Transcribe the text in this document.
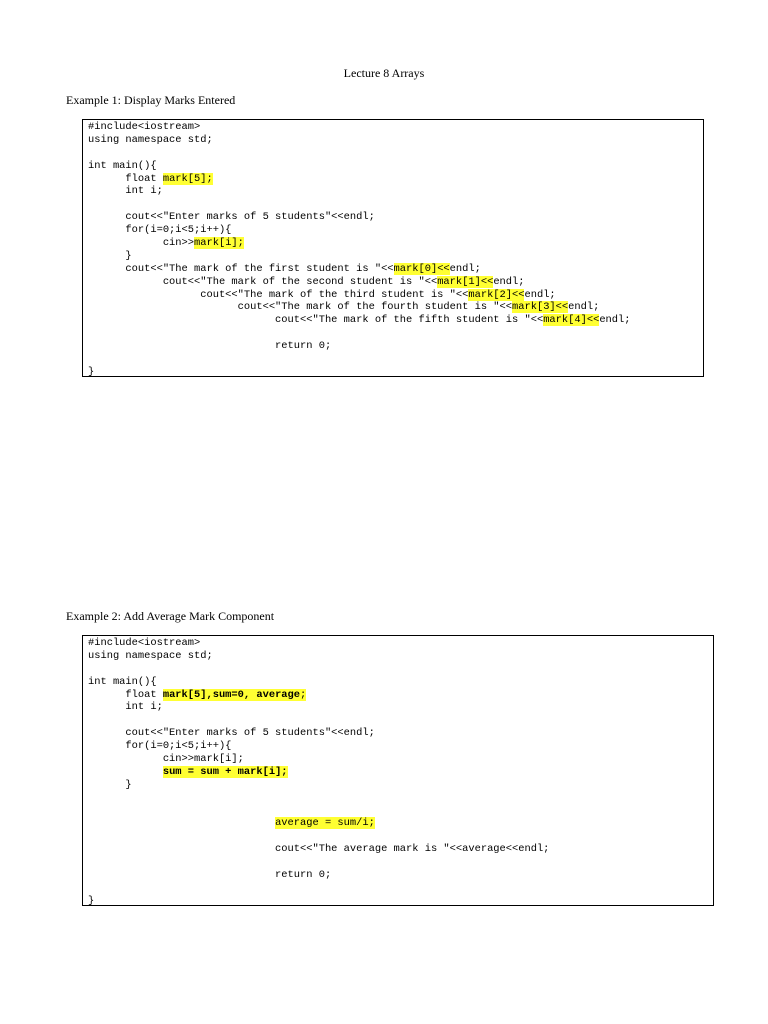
Lecture 8 Arrays
Example 1: Display Marks Entered
#include<iostream>
using namespace std;
int main(){
float mark[5];
int i;
cout<<"Enter marks of 5 students"<<endl;
for(i=0;i<5;i++){
cin>>mark[i];
}
cout<<"The mark of the first student is "<<mark[0]<<endl;
cout<<"The mark of the second student is "<<mark[1]<<endl;
cout<<"The mark of the third student is "<<mark[2]<<endl;
cout<<"The mark of the fourth student is "<<mark[3]<<endl;
cout<<"The mark of the fifth student is "<<mark[4]<<endl;
return 0;
}
Example 2: Add Average Mark Component
#include<iostream>
using namespace std;
int main(){
float mark[5],sum=0, average;
int i;
cout<<"Enter marks of 5 students"<<endl;
for(i=0;i<5;i++){
cin>>mark[i];
sum = sum + mark[i];
}
average = sum/i;
cout<<"The average mark is "<<average<<endl;
return 0;
}
